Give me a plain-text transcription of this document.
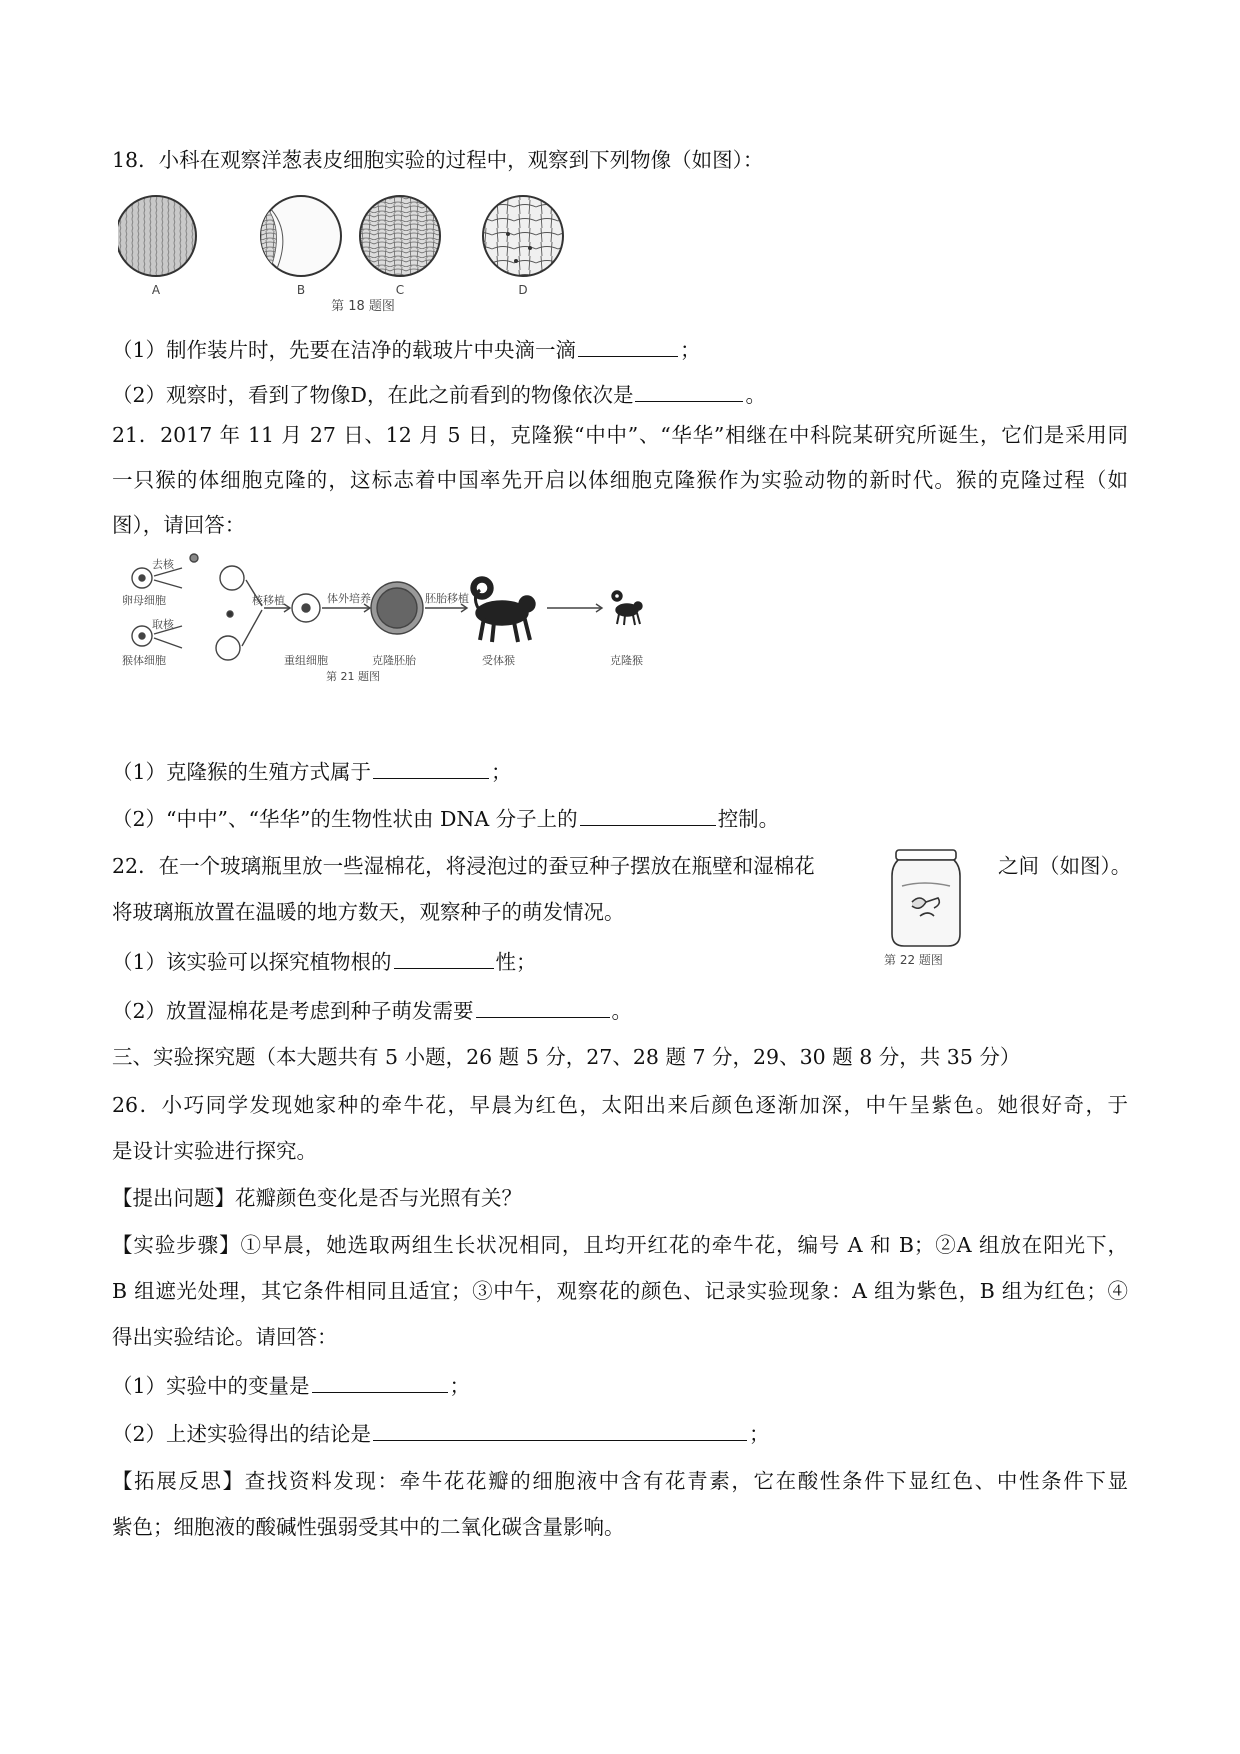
18．小科在观察洋葱表皮细胞实验的过程中，观察到下列物像（如图）：
A	B	C	D
第 18 题图
（1）制作装片时，先要在洁净的载玻片中央滴一滴	；
（2）观察时，看到了物像D，在此之前看到的物像依次是	。
21．2017 年 11 月 27 日、12 月 5 日，克隆猴“中中”、“华华”相继在中科院某研究所诞生，它们是采用同
一只猴的体细胞克隆的，这标志着中国率先开启以体细胞克隆猴作为实验动物的新时代。猴的克隆过程（如
图），请回答：
去核
取核
卵母细胞
猴体细胞
核移植	体外培养	胚胎移植
重组细胞	克隆胚胎	受体猴	克隆猴
第 21 题图
（1）克隆猴的生殖方式属于	；
（2）“中中”、“华华”的生物性状由 DNA 分子上的	控制。
22．在一个玻璃瓶里放一些湿棉花，将浸泡过的蚕豆种子摆放在瓶壁和湿棉花	之间（如图）。
第 22 题图
将玻璃瓶放置在温暖的地方数天，观察种子的萌发情况。
（1）该实验可以探究植物根的	性；
（2）放置湿棉花是考虑到种子萌发需要	。
三、实验探究题（本大题共有 5 小题，26 题 5 分，27、28 题 7 分，29、30 题 8 分，共 35 分）
26．小巧同学发现她家种的牵牛花，早晨为红色，太阳出来后颜色逐渐加深，中午呈紫色。她很好奇，于
是设计实验进行探究。
【提出问题】花瓣颜色变化是否与光照有关？
【实验步骤】①早晨，她选取两组生长状况相同，且均开红花的牵牛花，编号 A 和 B；②A 组放在阳光下，
B 组遮光处理，其它条件相同且适宜；③中午，观察花的颜色、记录实验现象：A 组为紫色，B 组为红色；④
得出实验结论。请回答：
（1）实验中的变量是	；
（2）上述实验得出的结论是	；
【拓展反思】查找资料发现：牵牛花花瓣的细胞液中含有花青素，它在酸性条件下显红色、中性条件下显
紫色；细胞液的酸碱性强弱受其中的二氧化碳含量影响。
